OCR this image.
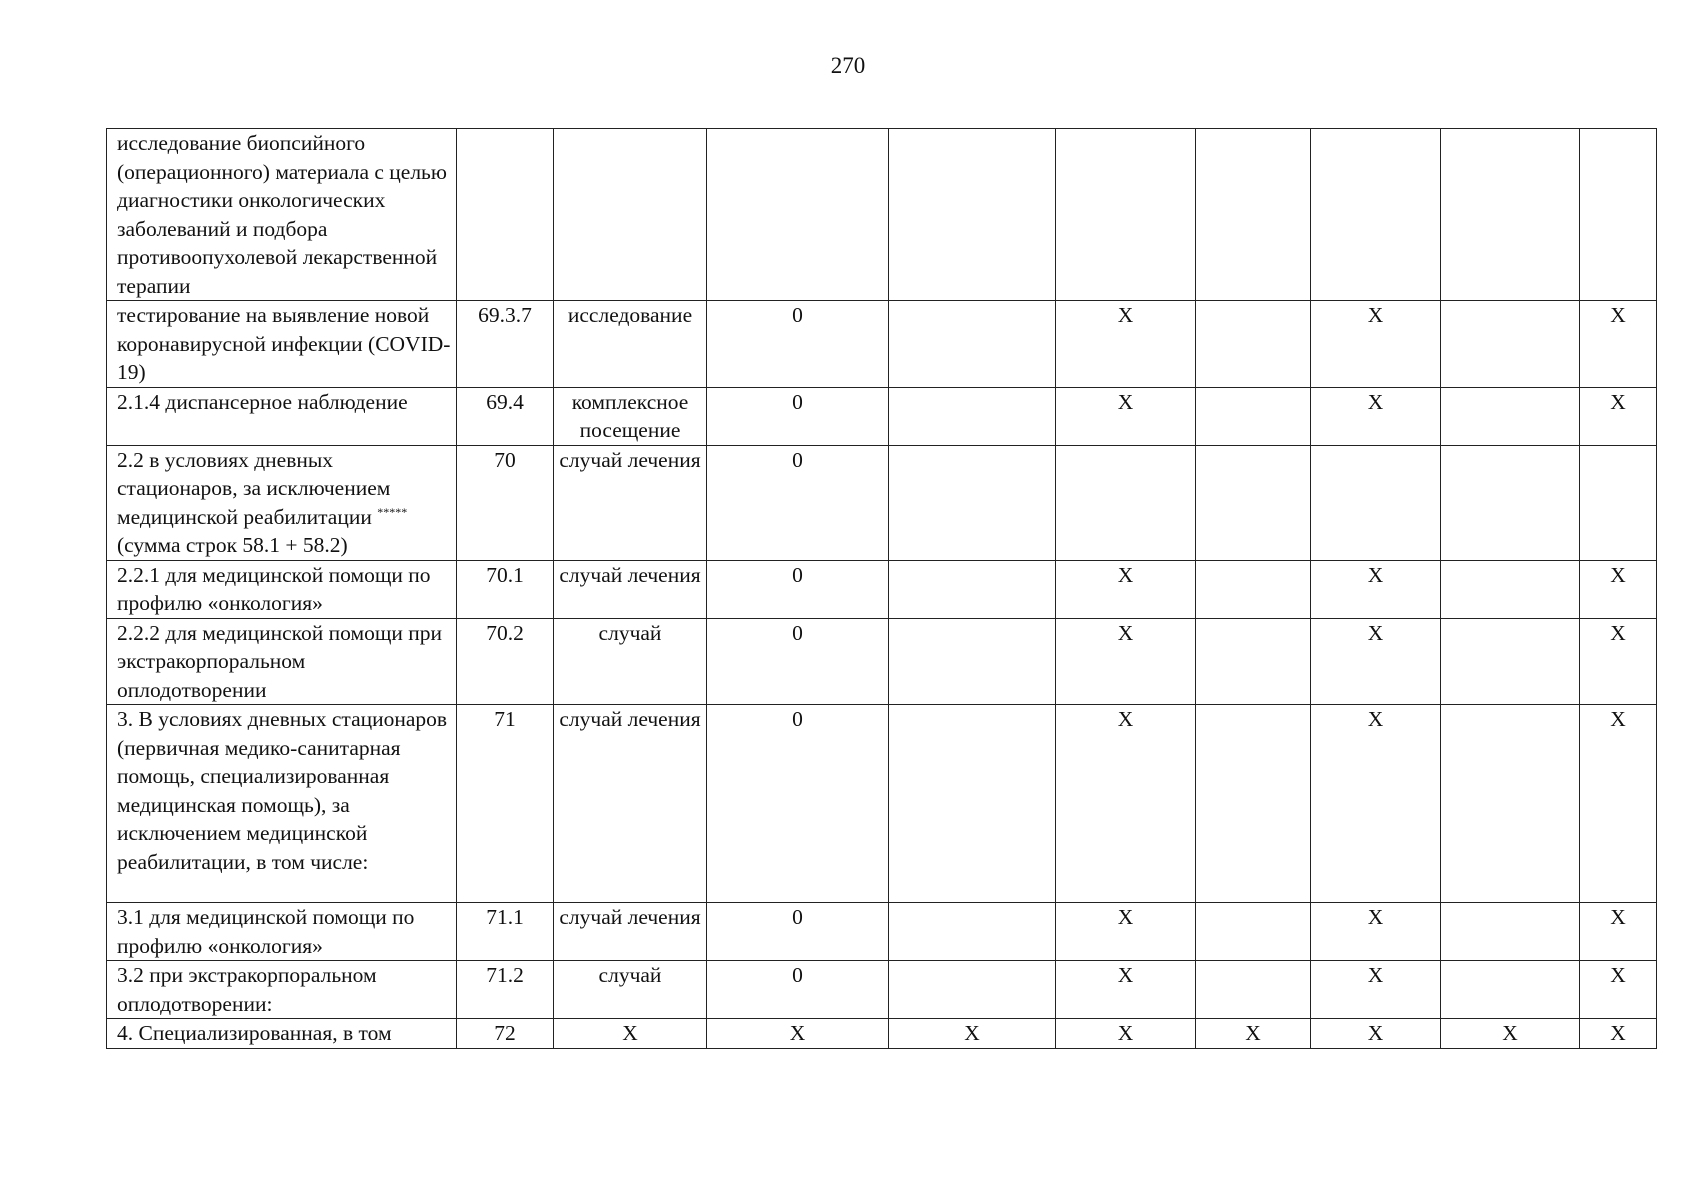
270
исследование биопсийного (операционного) материала с целью диагностики онкологических заболеваний и подбора противоопухолевой лекарственной терапии									
тестирование на выявление новой коронавирусной инфекции (COVID-19)	69.3.7	исследование	0		Х		Х		Х
2.1.4 диспансерное наблюдение	69.4	комплексное посещение	0		Х		Х		Х
2.2 в условиях дневных стационаров, за исключением медицинской реабилитации ***** (сумма строк 58.1 + 58.2)	70	случай лечения	0						
2.2.1 для медицинской помощи по профилю «онкология»	70.1	случай лечения	0		Х		Х		Х
2.2.2 для медицинской помощи при экстракорпоральном оплодотворении	70.2	случай	0		Х		Х		Х
3. В условиях дневных стационаров (первичная медико-санитарная помощь, специализированная медицинская помощь), за исключением медицинской реабилитации, в том числе:	71	случай лечения	0		Х		Х		Х
3.1 для медицинской помощи по профилю «онкология»	71.1	случай лечения	0		Х		Х		Х
3.2 при экстракорпоральном оплодотворении:	71.2	случай	0		Х		Х		Х
4. Специализированная, в том	72	Х	Х	Х	Х	Х	Х	Х	Х
